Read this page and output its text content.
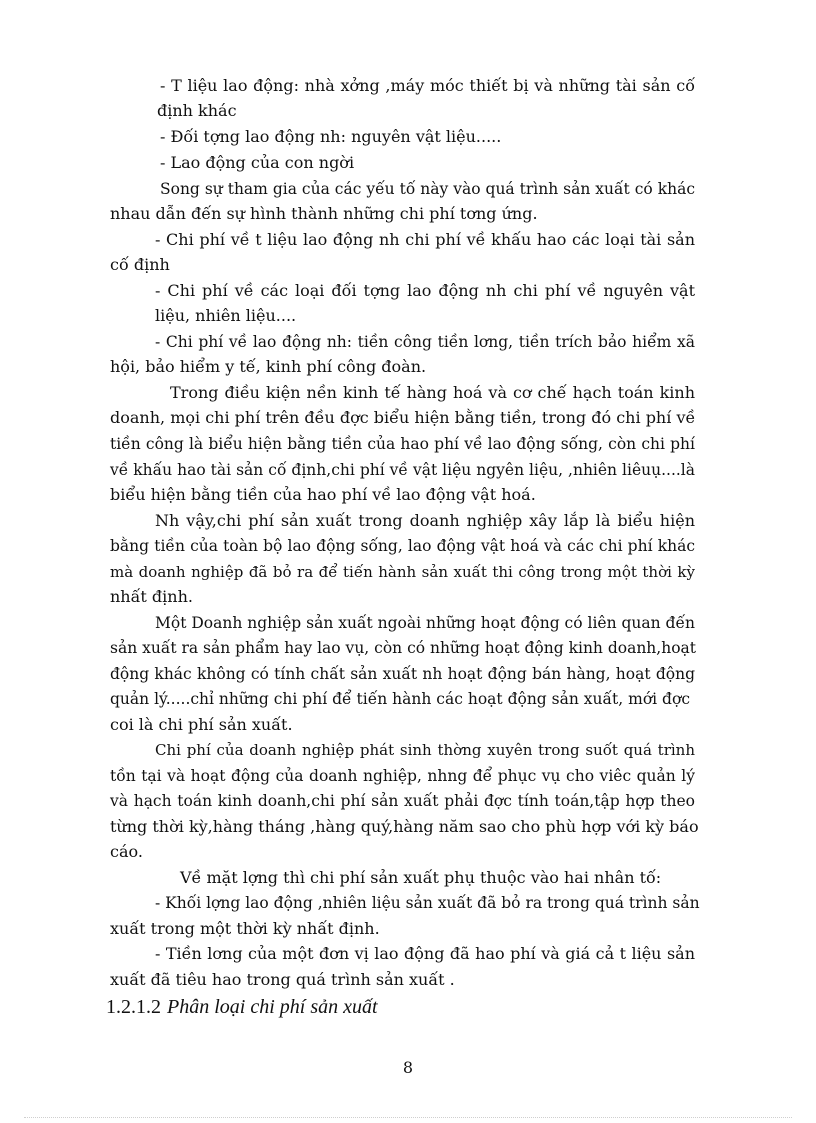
- T liệu lao động: nhà xởng ,máy móc thiết bị và những tài sản cố
định khác
- Đối tợng lao động nh: nguyên vật liệu.....
- Lao động của con ngời
Song sự tham gia của các yếu tố này vào quá trình sản xuất có khác
nhau dẫn đến sự hình thành những chi phí tơng ứng.
- Chi phí về t liệu lao động nh chi phí về khấu hao các loại tài sản
cố định
- Chi phí về các loại đối tợng lao động nh chi phí về nguyên vật
liệu, nhiên liệu....
- Chi phí về lao động nh: tiền công tiền lơng, tiền trích bảo hiểm xã
hội, bảo hiểm y tế, kinh phí công đoàn.
Trong điều kiện nền kinh tế hàng hoá và cơ chế hạch toán kinh
doanh, mọi chi phí trên đều đợc biểu hiện bằng tiền, trong đó chi phí về
tiền công là biểu hiện bằng tiền của hao phí về lao động sống, còn chi phí
về khấu hao tài sản cố định,chi phí về vật liệu ngyên liệu, ,nhiên liêuụ....là
biểu hiện bằng tiền của hao phí về lao động vật hoá.
Nh vậy,chi phí sản xuất trong doanh nghiệp xây lắp là biểu hiện
bằng tiền của toàn bộ lao động sống, lao động vật hoá và các chi phí khác
mà doanh nghiệp đã bỏ ra để tiến hành sản xuất thi công trong một thời kỳ
nhất định.
Một Doanh nghiệp sản xuất ngoài những hoạt động có liên quan đến
sản xuất ra sản phẩm hay lao vụ, còn có những hoạt động kinh doanh,hoạt
động khác không có tính chất sản xuất nh hoạt động bán hàng, hoạt động
quản lý.....chỉ những chi phí để tiến hành các hoạt động sản xuất, mới đợc
coi là chi phí sản xuất.
Chi phí của doanh nghiệp phát sinh thờng xuyên trong suốt quá trình
tồn tại và hoạt động của doanh nghiệp, nhng để phục vụ cho viêc quản lý
và hạch toán kinh doanh,chi phí sản xuất phải đợc tính toán,tập hợp theo
từng thời kỳ,hàng tháng ,hàng quý,hàng năm sao cho phù hợp với kỳ báo
cáo.
Về mặt lợng thì chi phí sản xuất phụ thuộc vào hai nhân tố:
- Khối lợng lao động ,nhiên liệu sản xuất đã bỏ ra trong quá trình sản
xuất trong một thời kỳ nhất định.
- Tiền lơng của một đơn vị lao động đã hao phí và giá cả t liệu sản
xuất đã tiêu hao trong quá trình sản xuất .
1.2.1.2 Phân loại chi phí sản xuất
8
